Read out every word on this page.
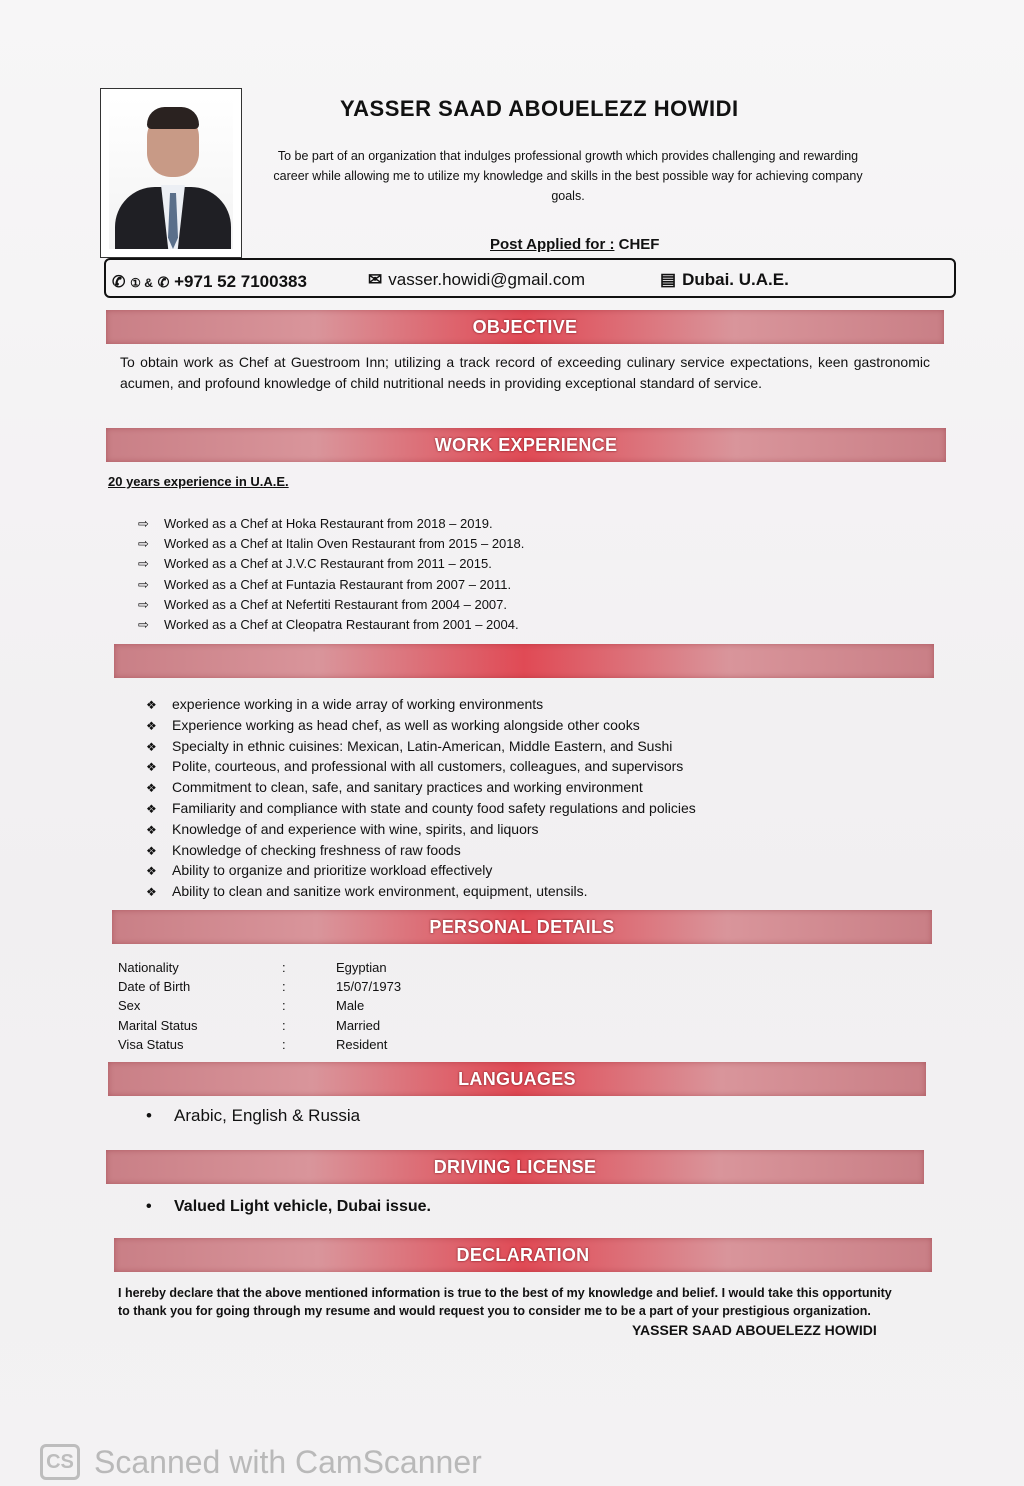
YASSER SAAD ABOUELEZZ HOWIDI
To be part of an organization that indulges professional growth which provides challenging and rewarding career while allowing me to utilize my knowledge and skills in the best possible way for achieving company goals.
Post Applied for : CHEF
✆ ① & ✆ +971 52 7100383	✉ vasser.howidi@gmail.com	▤ Dubai. U.A.E.
OBJECTIVE
To obtain work as Chef at Guestroom Inn; utilizing a track record of exceeding culinary service expectations, keen gastronomic acumen, and profound knowledge of child nutritional needs in providing exceptional standard of service.
WORK EXPERIENCE
20 years experience in U.A.E.
⇨ Worked as a Chef at Hoka Restaurant from 2018 – 2019.
⇨ Worked as a Chef at Italin Oven Restaurant from 2015 – 2018.
⇨ Worked as a Chef at J.V.C Restaurant from 2011 – 2015.
⇨ Worked as a Chef at Funtazia Restaurant from 2007 – 2011.
⇨ Worked as a Chef at Nefertiti Restaurant from 2004 – 2007.
⇨ Worked as a Chef at Cleopatra Restaurant from 2001 – 2004.
❖ experience working in a wide array of working environments
❖ Experience working as head chef, as well as working alongside other cooks
❖ Specialty in ethnic cuisines: Mexican, Latin-American, Middle Eastern, and Sushi
❖ Polite, courteous, and professional with all customers, colleagues, and supervisors
❖ Commitment to clean, safe, and sanitary practices and working environment
❖ Familiarity and compliance with state and county food safety regulations and policies
❖ Knowledge of and experience with wine, spirits, and liquors
❖ Knowledge of checking freshness of raw foods
❖ Ability to organize and prioritize workload effectively
❖ Ability to clean and sanitize work environment, equipment, utensils.
PERSONAL DETAILS
Nationality	:	Egyptian
Date of Birth	:	15/07/1973
Sex	:	Male
Marital Status	:	Married
Visa Status	:	Resident
LANGUAGES
• Arabic, English & Russia
DRIVING LICENSE
• Valued Light vehicle, Dubai issue.
DECLARATION
I hereby declare that the above mentioned information is true to the best of my knowledge and belief. I would take this opportunity to thank you for going through my resume and would request you to consider me to be a part of your prestigious organization.
YASSER SAAD ABOUELEZZ HOWIDI
CS Scanned with CamScanner
